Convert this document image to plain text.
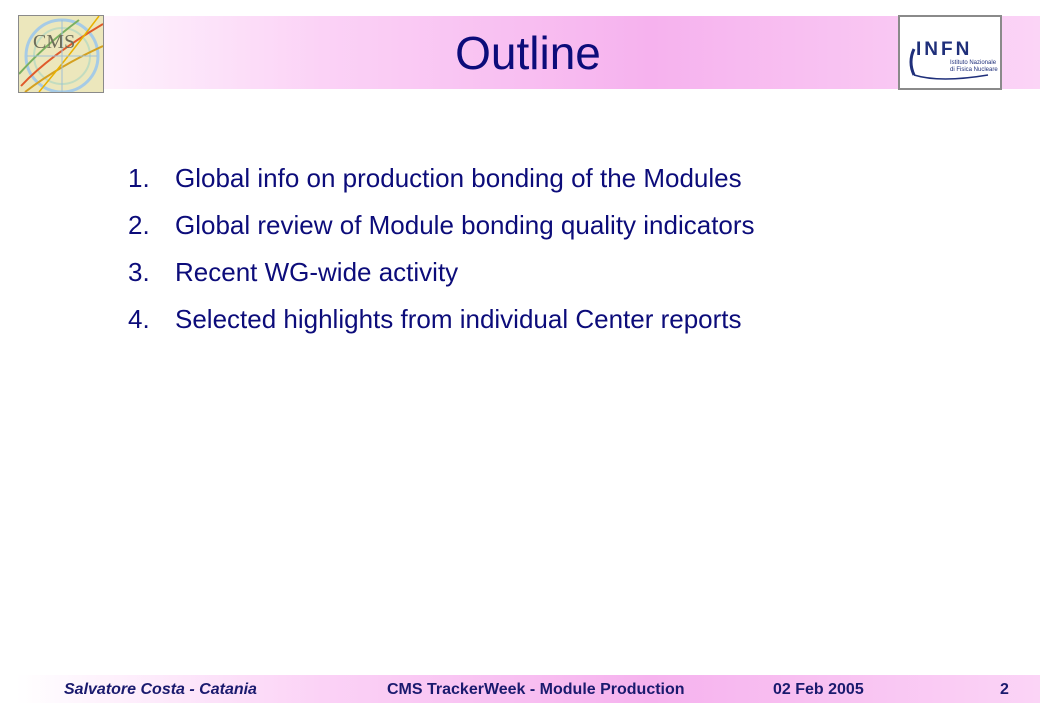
CMS	INFN
Istituto Nazionale
di Fisica Nucleare
Outline
1. Global info on production bonding of the Modules
2. Global review of Module bonding quality indicators
3. Recent WG-wide activity
4. Selected highlights from individual Center reports
Salvatore Costa - Catania	CMS TrackerWeek - Module Production	02 Feb 2005	2
